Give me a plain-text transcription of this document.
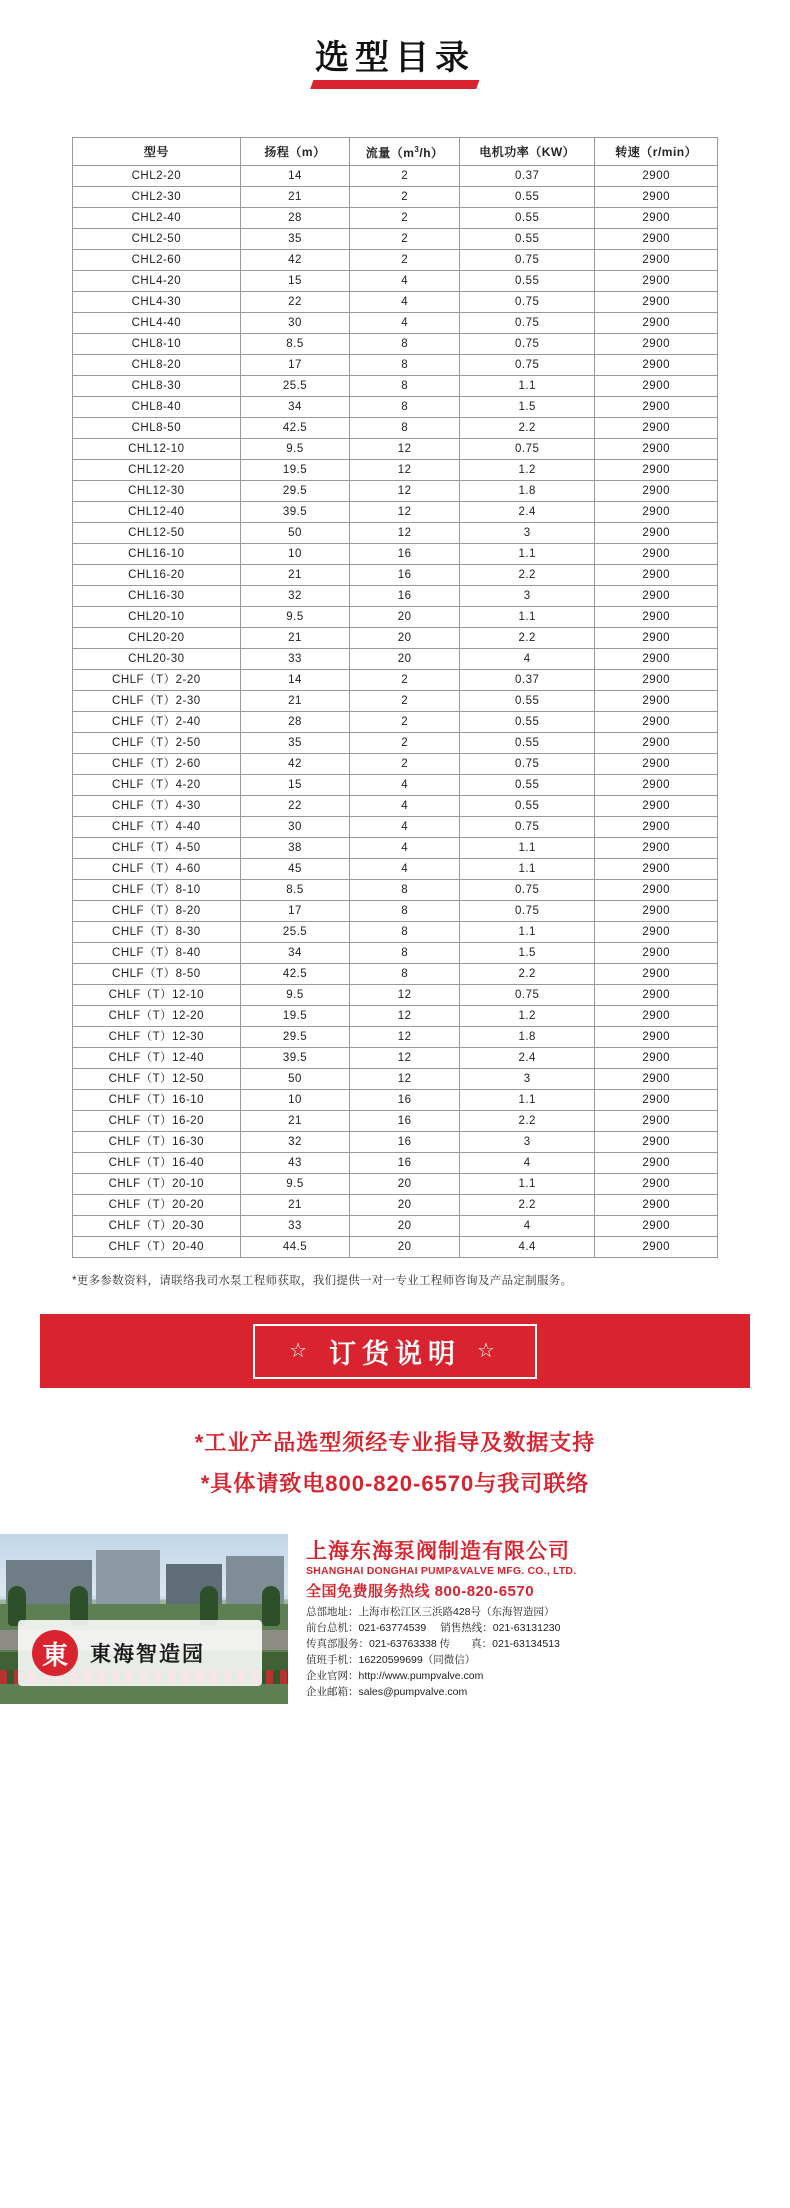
选型目录
型号	扬程（m）	流量$(m^3/h)$	电机功率（KW）	转速（r/min）
CHL2-20	14	2	0.37	2900
CHL2-30	21	2	0.55	2900
CHL2-40	28	2	0.55	2900
CHL2-50	35	2	0.55	2900
CHL2-60	42	2	0.75	2900
CHL4-20	15	4	0.55	2900
CHL4-30	22	4	0.75	2900
CHL4-40	30	4	0.75	2900
CHL8-10	8.5	8	0.75	2900
CHL8-20	17	8	0.75	2900
CHL8-30	25.5	8	1.1	2900
CHL8-40	34	8	1.5	2900
CHL8-50	42.5	8	2.2	2900
CHL12-10	9.5	12	0.75	2900
CHL12-20	19.5	12	1.2	2900
CHL12-30	29.5	12	1.8	2900
CHL12-40	39.5	12	2.4	2900
CHL12-50	50	12	3	2900
CHL16-10	10	16	1.1	2900
CHL16-20	21	16	2.2	2900
CHL16-30	32	16	3	2900
CHL20-10	9.5	20	1.1	2900
CHL20-20	21	20	2.2	2900
CHL20-30	33	20	4	2900
CHLF（T）2-20	14	2	0.37	2900
CHLF（T）2-30	21	2	0.55	2900
CHLF（T）2-40	28	2	0.55	2900
CHLF（T）2-50	35	2	0.55	2900
CHLF（T）2-60	42	2	0.75	2900
CHLF（T）4-20	15	4	0.55	2900
CHLF（T）4-30	22	4	0.55	2900
CHLF（T）4-40	30	4	0.75	2900
CHLF（T）4-50	38	4	1.1	2900
CHLF（T）4-60	45	4	1.1	2900
CHLF（T）8-10	8.5	8	0.75	2900
CHLF（T）8-20	17	8	0.75	2900
CHLF（T）8-30	25.5	8	1.1	2900
CHLF（T）8-40	34	8	1.5	2900
CHLF（T）8-50	42.5	8	2.2	2900
CHLF（T）12-10	9.5	12	0.75	2900
CHLF（T）12-20	19.5	12	1.2	2900
CHLF（T）12-30	29.5	12	1.8	2900
CHLF（T）12-40	39.5	12	2.4	2900
CHLF（T）12-50	50	12	3	2900
CHLF（T）16-10	10	16	1.1	2900
CHLF（T）16-20	21	16	2.2	2900
CHLF（T）16-30	32	16	3	2900
CHLF（T）16-40	43	16	4	2900
CHLF（T）20-10	9.5	20	1.1	2900
CHLF（T）20-20	21	20	2.2	2900
CHLF（T）20-30	33	20	4	2900
CHLF（T）20-40	44.5	20	4.4	2900
*更多参数资料，请联络我司水泵工程师获取，我们提供一对一专业工程师咨询及产品定制服务。
☆ 订货说明 ☆
*工业产品选型须经专业指导及数据支持
*具体请致电800-820-6570与我司联络
東	東海智造园
上海东海泵阀制造有限公司
SHANGHAI DONGHAI PUMP&VALVE MFG. CO., LTD.
全国免费服务热线 800-820-6570
总部地址：上海市松江区三浜路428号（东海智造园）
前台总机：021-63774539 销售热线：021-63131230
传真部服务：021-63763338 传　　真：021-63134513
值班手机：16220599699（同微信）
企业官网：http://www.pumpvalve.com
企业邮箱：sales@pumpvalve.com
